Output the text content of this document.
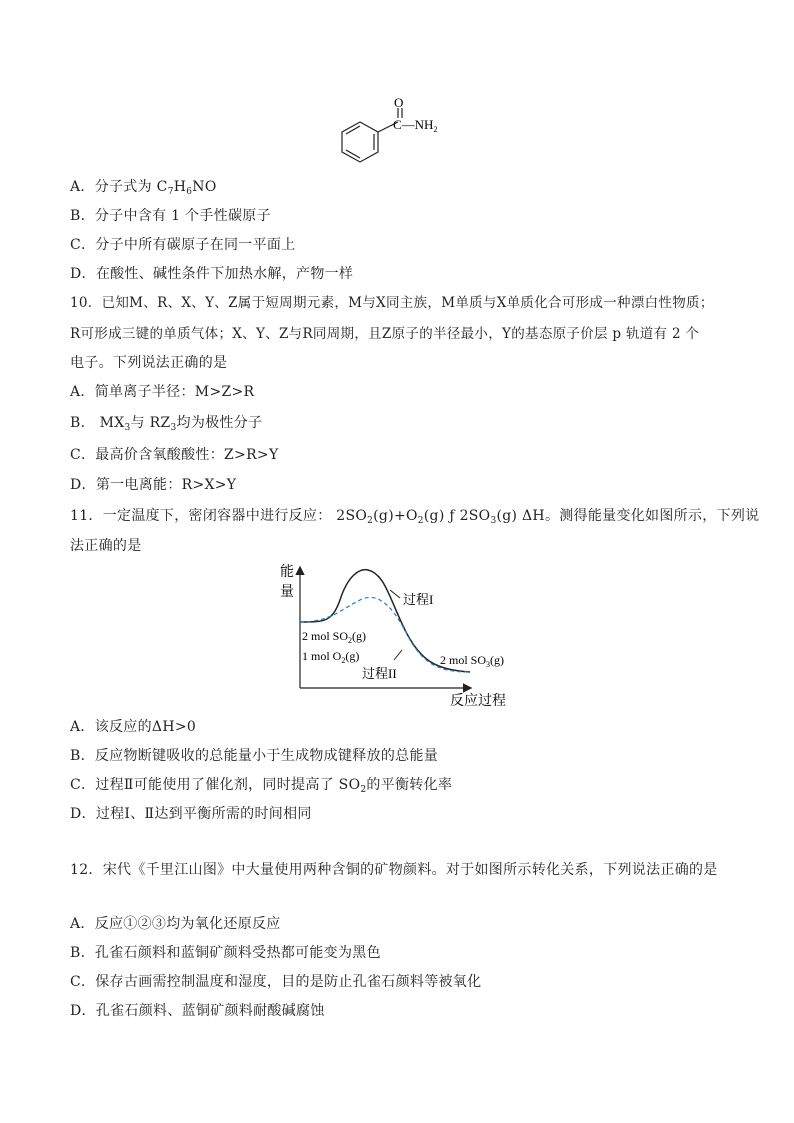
O
$C—NH_2$
A．分子式为 $C_7H_6NO$
B．分子中含有 1 个手性碳原子
C．分子中所有碳原子在同一平面上
D．在酸性、碱性条件下加热水解，产物一样
10．已知M、R、X、Y、Z属于短周期元素，M与X同主族，M单质与X单质化合可形成一种漂白性物质；
R可形成三键的单质气体；X、Y、Z与R同周期，且Z原子的半径最小，Y的基态原子价层 p 轨道有 2 个
电子。下列说法正确的是
A．简单离子半径：M>Z>R
B． $MX_3$与 $RZ_3$均为极性分子
C．最高价含氧酸酸性：Z>R>Y
D．第一电离能：R>X>Y
11．一定温度下，密闭容器中进行反应： $2SO_2(g)+O_2(g)$ ƒ $2SO_3(g)$ ΔH。测得能量变化如图所示，下列说
法正确的是
能
量	过程I
过程II
2 mol $SO_2(g)$
1 mol $O_2(g)$	2 mol $SO_3(g)$
反应过程
A．该反应的ΔH>0
B．反应物断键吸收的总能量小于生成物成键释放的总能量
C．过程Ⅱ可能使用了催化剂，同时提高了 $SO_2$的平衡转化率
D．过程Ⅰ、Ⅱ达到平衡所需的时间相同
12．宋代《千里江山图》中大量使用两种含铜的矿物颜料。对于如图所示转化关系，下列说法正确的是
A．反应①②③均为氧化还原反应
B．孔雀石颜料和蓝铜矿颜料受热都可能变为黑色
C．保存古画需控制温度和湿度，目的是防止孔雀石颜料等被氧化
D．孔雀石颜料、蓝铜矿颜料耐酸碱腐蚀
